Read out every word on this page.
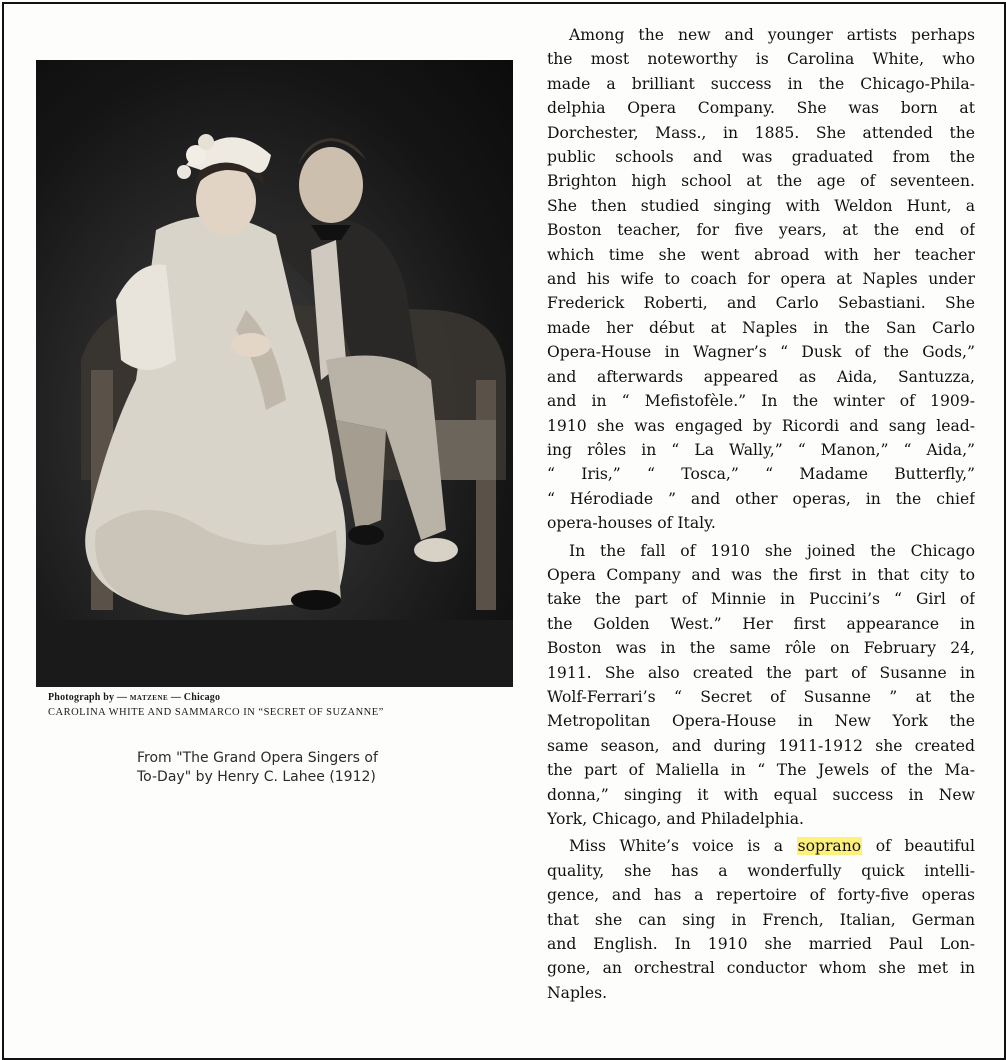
Photograph by — MATZENE — Chicago
CAROLINA WHITE AND SAMMARCO IN “SECRET OF SUZANNE”
From "The Grand Opera Singers of
To-Day" by Henry C. Lahee (1912)

Among the new and younger artists perhaps
the most noteworthy is Carolina White, who
made a brilliant success in the Chicago-Phila-
delphia Opera Company. She was born at
Dorchester, Mass., in 1885. She attended the
public schools and was graduated from the
Brighton high school at the age of seventeen.
She then studied singing with Weldon Hunt, a
Boston teacher, for five years, at the end of
which time she went abroad with her teacher
and his wife to coach for opera at Naples under
Frederick Roberti, and Carlo Sebastiani. She
made her début at Naples in the San Carlo
Opera-House in Wagner’s “ Dusk of the Gods,”
and afterwards appeared as Aida, Santuzza,
and in “ Mefistofèle.” In the winter of 1909-
1910 she was engaged by Ricordi and sang lead-
ing rôles in “ La Wally,” “ Manon,” “ Aida,”
“ Iris,” “ Tosca,” “ Madame Butterfly,”
“ Hérodiade ” and other operas, in the chief
opera-houses of Italy.

In the fall of 1910 she joined the Chicago
Opera Company and was the first in that city to
take the part of Minnie in Puccini’s “ Girl of
the Golden West.” Her first appearance in
Boston was in the same rôle on February 24,
1911. She also created the part of Susanne in
Wolf-Ferrari’s “ Secret of Susanne ” at the
Metropolitan Opera-House in New York the
same season, and during 1911-1912 she created
the part of Maliella in “ The Jewels of the Ma-
donna,” singing it with equal success in New
York, Chicago, and Philadelphia.

Miss White’s voice is a soprano of beautiful
quality, she has a wonderfully quick intelli-
gence, and has a repertoire of forty-five operas
that she can sing in French, Italian, German
and English. In 1910 she married Paul Lon-
gone, an orchestral conductor whom she met in
Naples.
